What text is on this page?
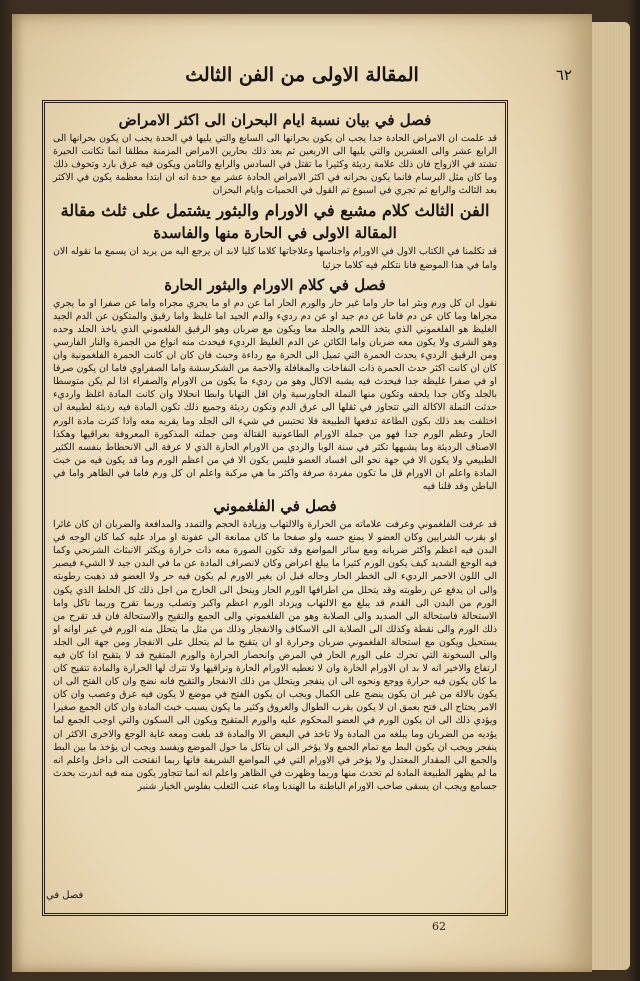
المقالة الاولى من الفن الثالث	٦٢
فصل في بيان نسبة ايام البحران الى اكثر الامراض
قد علمت ان الامراض الحادة جدا يجب ان يكون بحرانها الى السابع والتي يليها في الحدة يجب ان يكون بحرانها الى الرابع عشر والى العشرين والتي يليها الى الاربعين ثم بعد ذلك بحارين الامراض المزمنة مطلقا انما تكانت الحيرة تشتد في الازواج فان ذلك علامة رديئة وكثيرا ما تقتل في السادس والرابع والثامن ويكون فيه عرق بارد وتحوف ذلك وما كان مثل البرسام فانما يكون بحرانه في اكثر الامراض الحادة عشر مع حدة انه ان ابتدا معظمة يكون في الاكثر بعد الثالث والرابع ثم تجري في اسبوع تم القول في الحميات وايام البحران
الفن الثالث كلام مشبع في الاورام والبثور يشتمل على ثلث مقالة
المقالة الاولى في الحارة منها والفاسدة
قد تكلمنا في الكتاب الاول في الاورام واجناسها وعلاجاتها كلاما كليا لابد ان يرجع اليه من يريد ان يسمع ما نقوله الان واما في هذا الموضع فانا نتكلم فيه كلاما جزئيا
فصل في كلام الاورام والبثور الحارة
نقول ان كل ورم وبثر اما حار واما غير حار والورم الحار اما عن دم او ما يجري مجراه واما عن صفرا او ما يجري مجراها وما كان عن دم فاما عن دم جيد او عن دم رديء والدم الجيد اما غليظ واما رقيق والمتكون عن الدم الجيد الغليظ هو الفلغموني الذي يتخذ اللحم والجلد معا ويكون مع ضربان وهو الرقيق الفلغموني الذي ياخذ الجلد وحده وهو الشرى ولا يكون معه ضربان واما الكائن عن الدم الغليظ الرديء فيحدث منه انواع من الجمرة والنار الفارسي ومن الرقيق الرديء يحدث الحمرة التي تميل الى الحرة مع رداءة وحبث فان كان ان كانت الحمرة الفلغمونية وان كان ان كانت اكثر حدث الحمرة ذات النفاخات والمغافلة والاحمة من الشكرسشة واما الصفراوي فاما ان يكون صرفا او في صفرا غليظة جدا فيحدث فيه يشبه الاكال وهو من رديء ما يكون من الاورام والصفراء اذا لم يكن متوسطا بالجلد وكان جدا يلحقه وتكون منها النملة الجاورسية وان اقل التهابا وابطا انحلالا وان كانت المادة اغلظ وارديء حدثت التملة الاكالة التي تتجاوز في ثقلها الى عرق الدم وتكون رديئة وجميع ذلك تكون المادة فيه رديئة لطبيعة ان اختلفت بعد ذلك بكون الطاعة تدفعها الطبيعة فلا تحتبس في شيء الى الجلد وما يقربه معه واذا كثرت مادة الورم الحار وعظم الورم جدا فهو من جملة الاورام الطاعونية القتالة ومن جملته المذكورة المعروفة بعراقيها وهكذا الاصناف الرديئة وما يشبهها تكثر في سنة الوبا والردي من الاورام الحارة الذي لا عرفة الى الانحطاط بنفسه الكثير الطبيعي ولا يكون الا في جهة نحو الى افساد العضو فليس يكون الا في من اعظم الورم وما قد يكون فيه من خبث المادة واعلم ان الاورام قل ما تكون مفردة صرفة واكثر ما هي مركبة واعلم ان كل ورم فاما في الظاهر واما في الباطن وقد قلنا فيه
فصل في الفلغموني
قد عرفت الفلغموني وعرفت علاماته من الحرارة والالتهاب وزيادة الحجم والتمدد والمدافعة والضربان ان كان غائرا او بقرب الشرايين وكان العضو لا يمنع حسه ولو صفحا ما كان ممانعة الى عفونة او مراد عليه كما كان الوجه في البدن فيه اعظم واكثر ضربانه ومع سائر المواضع وقد تكون الصورة معه ذات حرارة ويكثر الانبثاث الشرنحي وكما فيه الوجع الشديد كيف يكون الورم كثيرا ما يبلغ اعراض وكان لانصراف المادة عن ما في البدن جيد لا الشيء فيصير الى اللون الاحمر الرديء الى الخطر الحار وحاله قبل ان يغير الاورم لم يكون فيه حر ولا العضو قد ذهبت رطوبته والى ان يدفع عن رطوبته وقد يتحلل من اطرافها الورم الحار وينحل الى الخارج من اجل ذلك كل الخلط الذي يكون الورم من البدن الى القدم قد يبلغ مع الالتهاب ويزداد الورم اعظم واكبر وتصلب وربما تقرح وربما تاكل واما الاستحالة فاستحالة الى الصديد والى الصلابة وهو من الفلغموني والى الجمع والتقيح والاستحالة فان قد تقرح من ذلك الورم والى نقطة وكذلك الى الصلابة الى الاسكاف والانفجار وذلك من مثل ما يتحلل منه الورم في غير اوانه او يستحيل ويكون مع استحالة الفلغموني ضربان وحرارة او ان يتقيح ما لم يتحلل على الانفجار ومن جهة الى الجلد والى السخونة التي تحرك على الورم الحار في المرض وانحصار الحرارة والورم المتقيح قد لا يتقيح اذا كان فيه ارتفاع والاخير انه لا بد ان الاورام الحارة وان لا تعطيه الاورام الحارة وتراقيها ولا تترك لها الحرارة والمادة تتقيح كان ما كان يكون فيه حرارة ووجع ونحوه الى ان ينفجر ويتحلل من ذلك الانفجار والتقيح فانه نضج وان كان الفتح الى ان يكون بالالة من غير ان يكون ينضج على الكمال ويجب ان يكون الفتح في موضع لا يكون فيه عرق وعصب وان كان الامر يحتاج الى فتح بعمق ان لا يكون بقرب الطوال والعروق وكثير ما يكون يسبب خبث المادة وان كان الجمع صغيرا ويؤدي ذلك الى ان يكون الورم في العضو المحكوم عليه والورم المتقيح ويكون الى السكون والتي اوجب الجمع لما يؤديه من الضربان وما يبلغه من المادة ولا تاخذ في البعض الا والمادة قد بلغت ومعه غاية الوجع والاخرى الاكثر ان ينفجر ويجب ان يكون البط مع تمام الجمع ولا يؤخر الى ان يتاكل ما حول الموضع ويفسد ويجب ان يؤخذ ما بين البط والجمع الى المقدار المعتدل ولا يؤخر في الاورام التي في المواضع الشريفة فانها ربما انفتحت الى داخل واعلم انه ما لم يظهر الطبيعة المادة لم تحدث منها وربما وظهرت في الظاهر واعلم انه انما تتجاوز يكون منه فيه اندرت بحدث جسامع ويجب ان يسقى صاحب الاورام الباطنة ما الهندبا وماء عنب الثعلب بفلوس الخيار شنبر
فصل في
62
